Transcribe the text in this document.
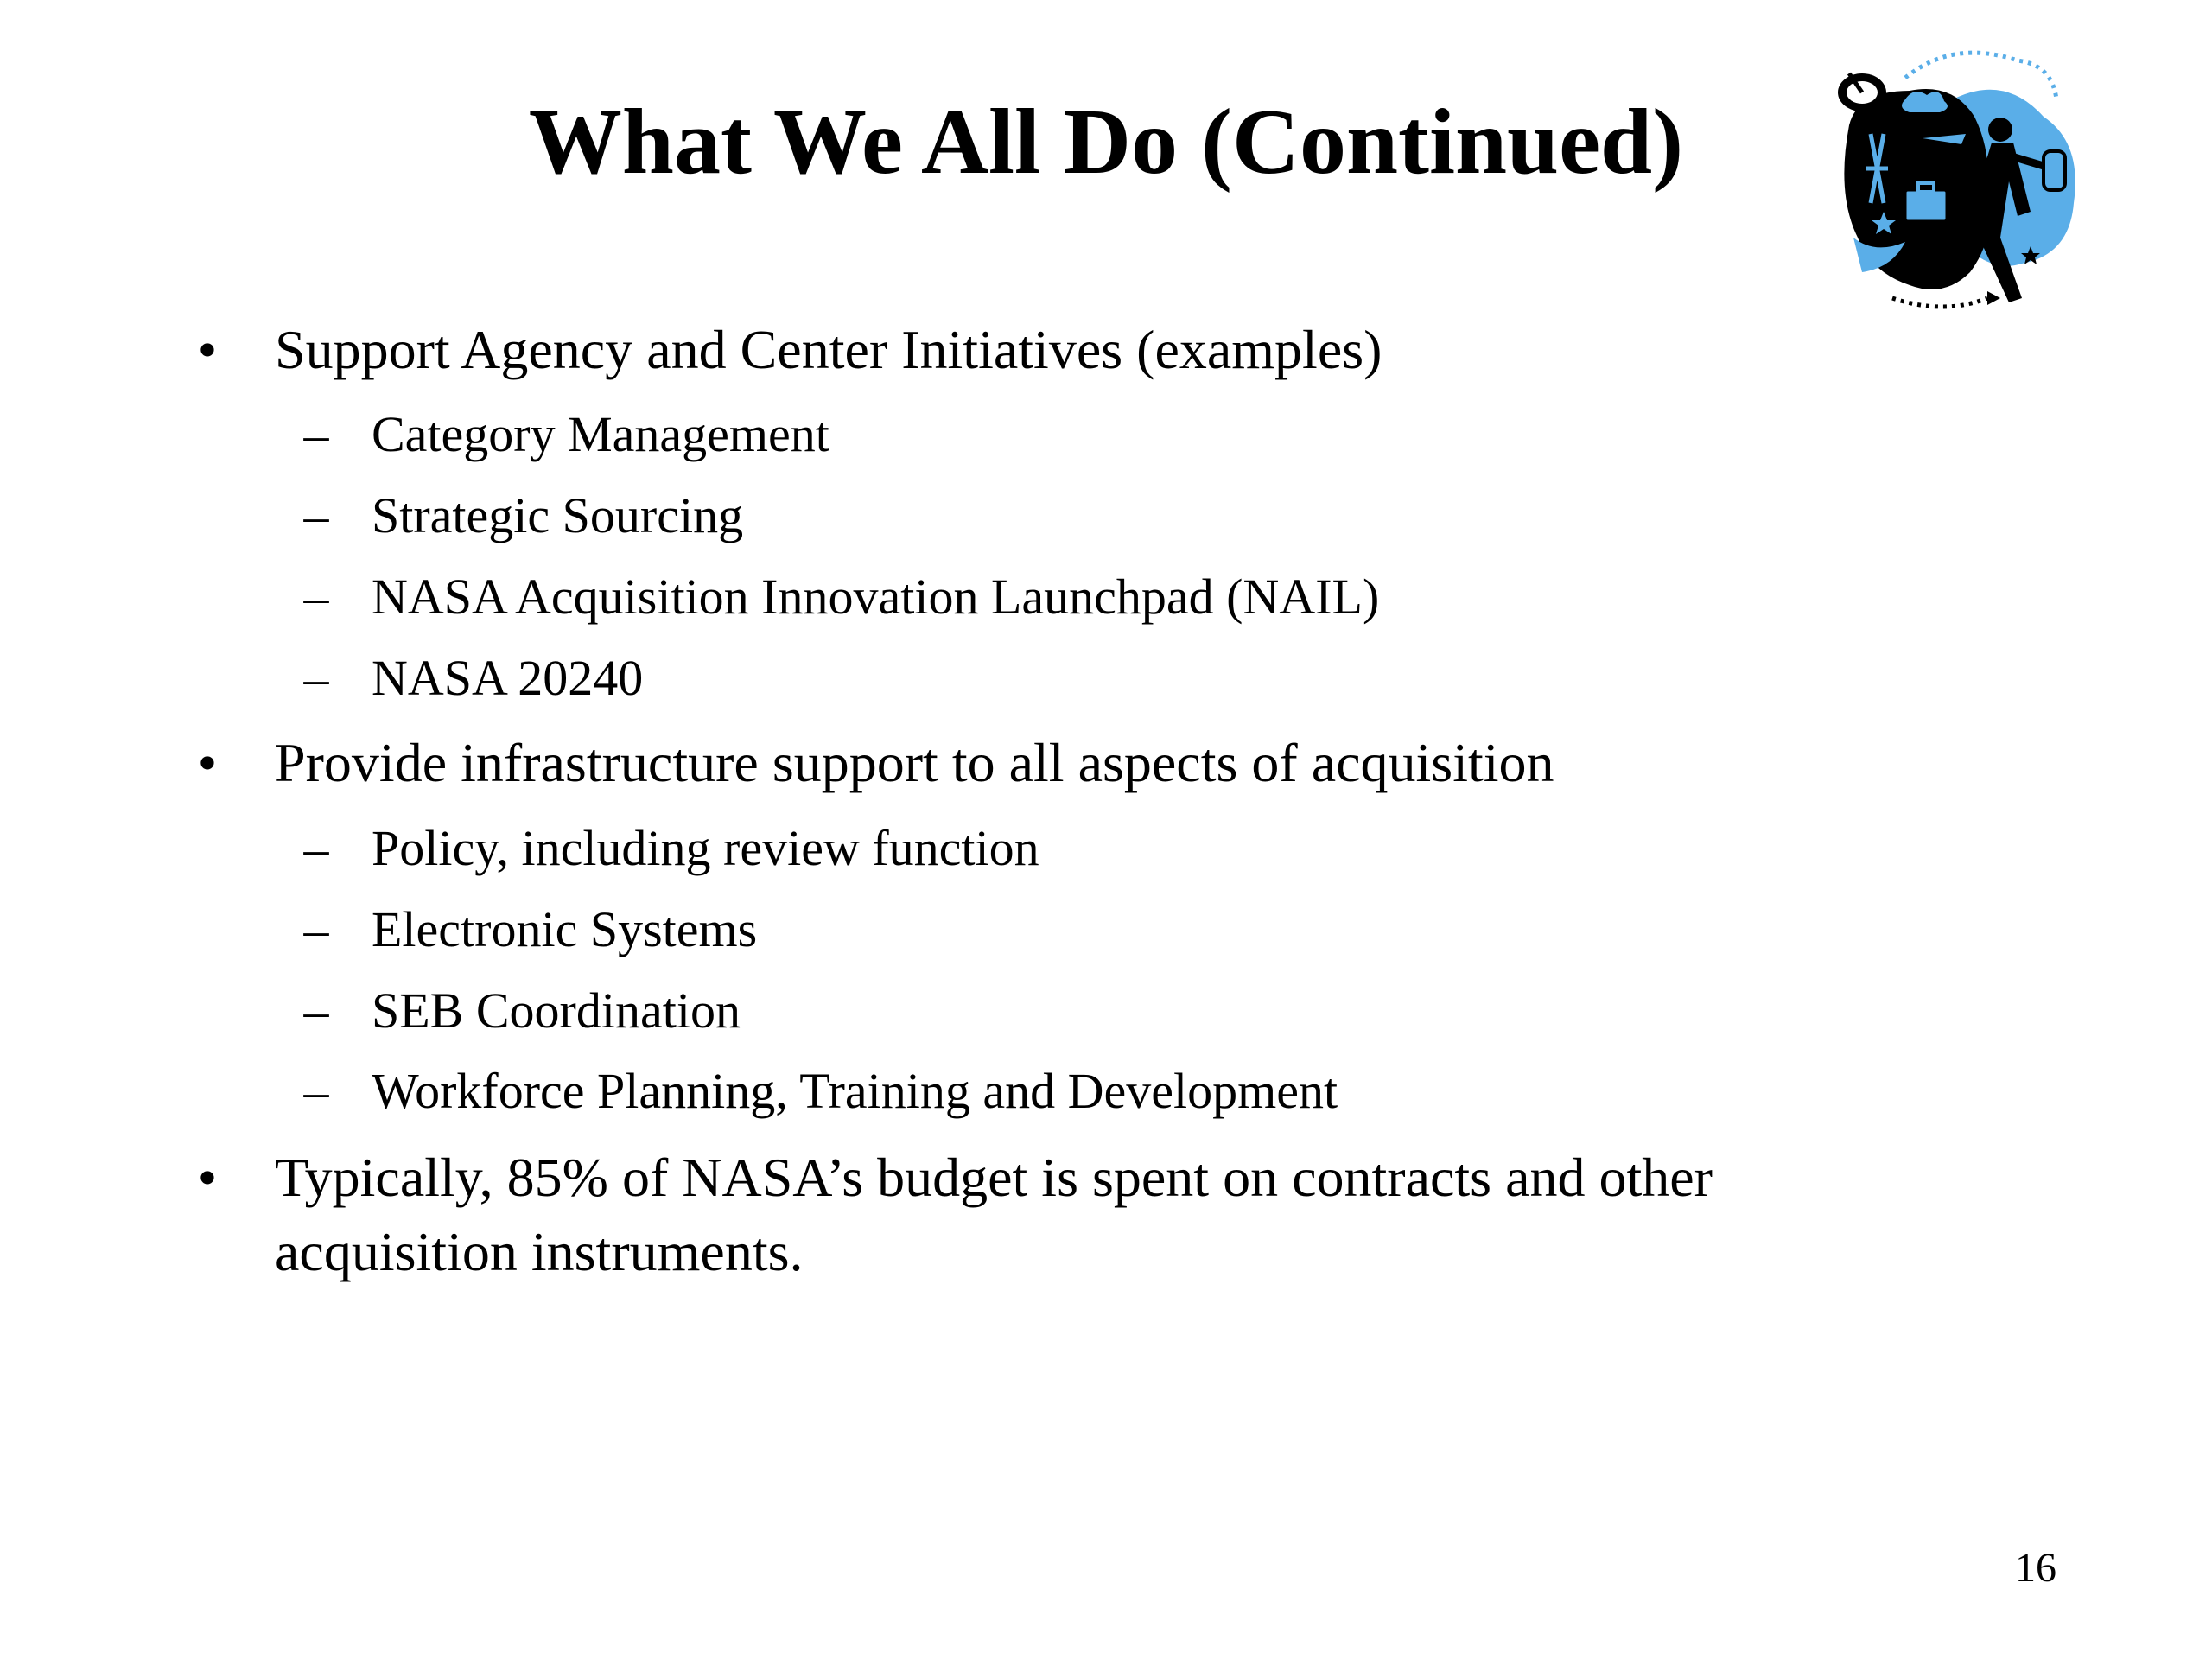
What We All Do (Continued)
• Support Agency and Center Initiatives (examples)
– Category Management
– Strategic Sourcing
– NASA Acquisition Innovation Launchpad (NAIL)
– NASA 20240
• Provide infrastructure support to all aspects of acquisition
– Policy, including review function
– Electronic Systems
– SEB Coordination
– Workforce Planning, Training and Development
• Typically, 85% of NASA’s budget is spent on contracts and other
acquisition instruments.
16
